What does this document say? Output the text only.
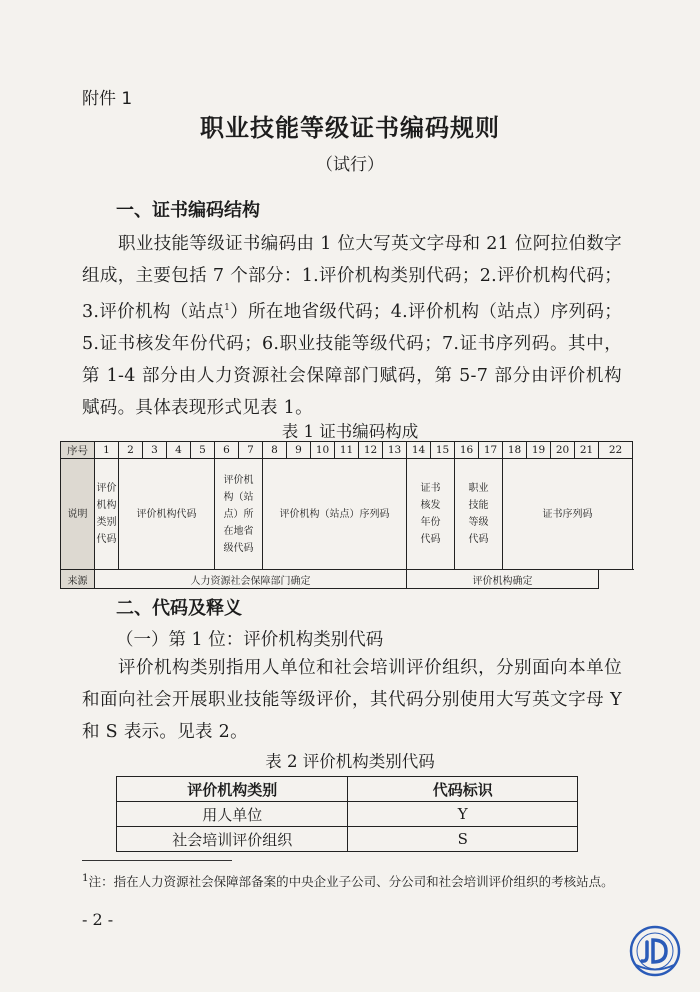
附件 1
职业技能等级证书编码规则
（试行）
一、证书编码结构
职业技能等级证书编码由 1 位大写英文字母和 21 位阿拉伯数字组成，主要包括 7 个部分：1.评价机构类别代码；2.评价机构代码；3.评价机构（站点$^1$）所在地省级代码；4.评价机构（站点）序列码；5.证书核发年份代码；6.职业技能等级代码；7.证书序列码。其中，第 1-4 部分由人力资源社会保障部门赋码，第 5-7 部分由评价机构赋码。具体表现形式见表 1。
表 1 证书编码构成
序号	1	2	3	4	5	6	7	8	9	10	11	12	13	14	15	16	17	18	19	20	21	22
说明	评价机构类别代码	评价机构代码				评价机构（站点）所在地省级代码		评价机构（站点）序列码						证书核发年份代码		职业技能等级代码		证书序列码				
来源	人力资源社会保障部门确定													评价机构确定								
二、代码及释义
（一）第 1 位：评价机构类别代码
评价机构类别指用人单位和社会培训评价组织，分别面向本单位和面向社会开展职业技能等级评价，其代码分别使用大写英文字母 Y 和 S 表示。见表 2。
表 2 评价机构类别代码
评价机构类别	代码标识
用人单位	Y
社会培训评价组织	S
$^1$注：指在人力资源社会保障部备案的中央企业子公司、分公司和社会培训评价组织的考核站点。
- 2 -
